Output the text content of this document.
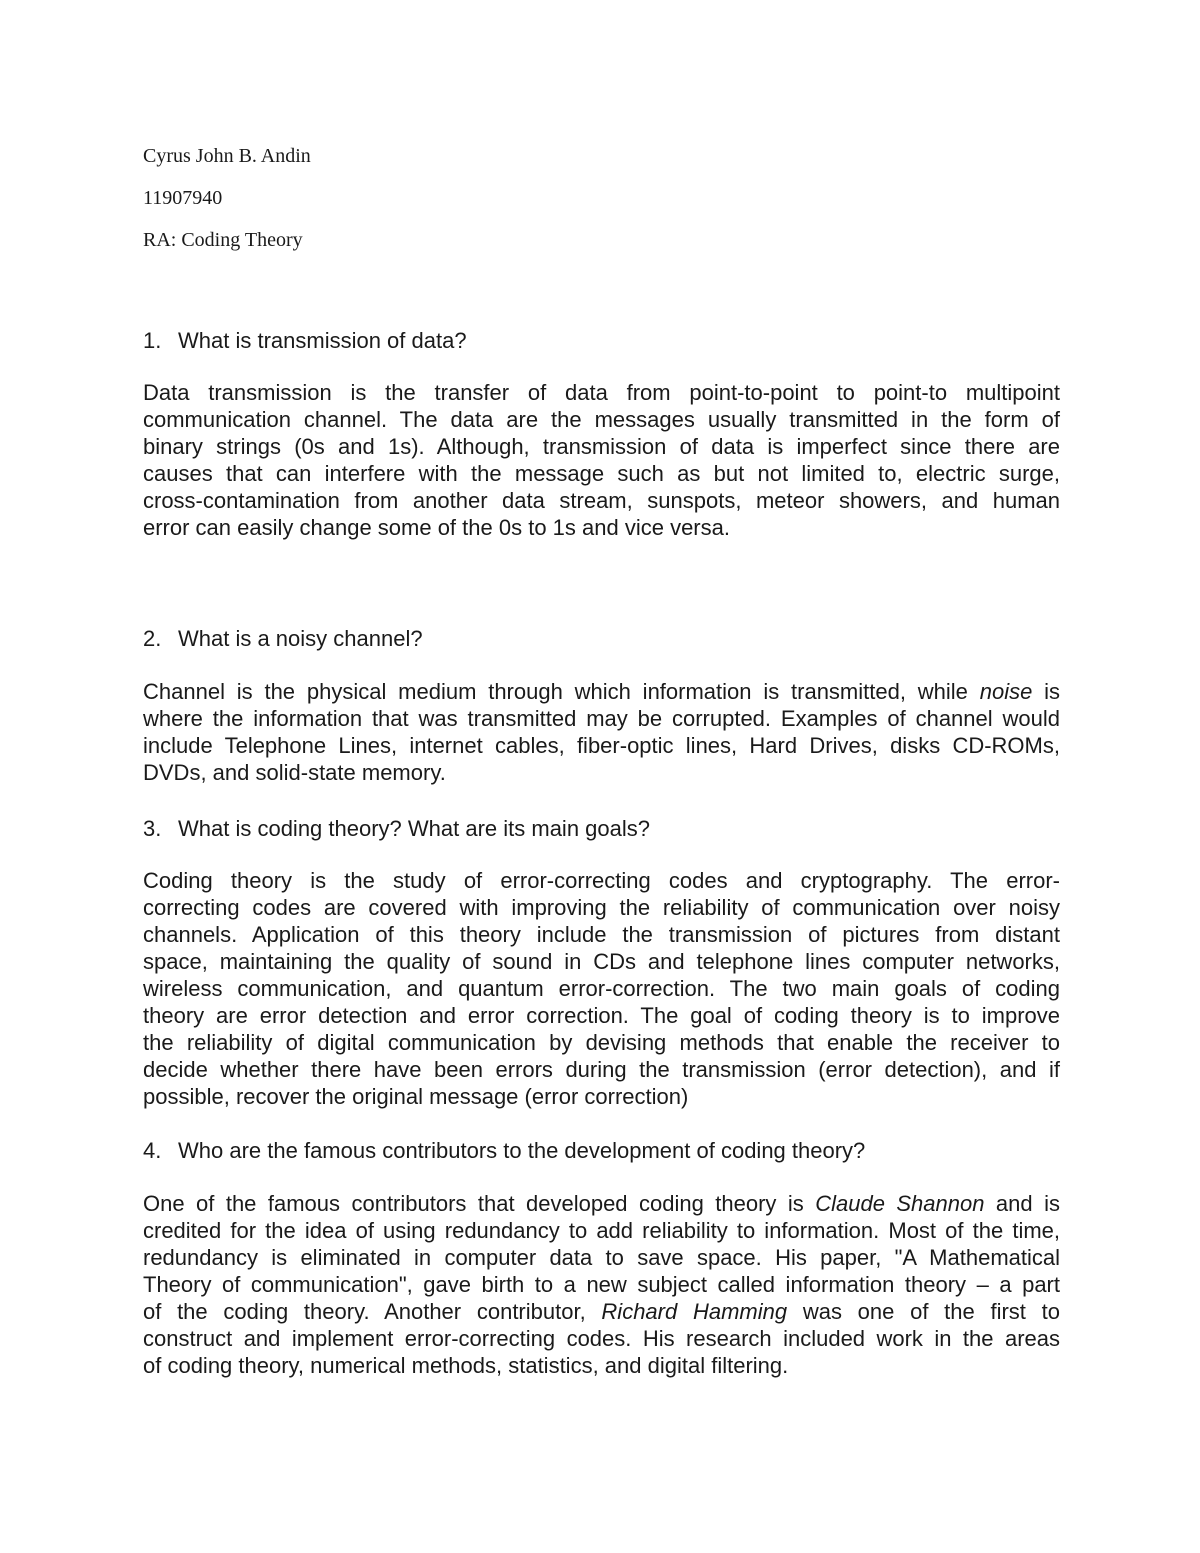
Cyrus John B. Andin
11907940
RA: Coding Theory
1. What is transmission of data?
Data transmission is the transfer of data from point-to-point to point-to multipoint
communication channel. The data are the messages usually transmitted in the form of
binary strings (0s and 1s). Although, transmission of data is imperfect since there are
causes that can interfere with the message such as but not limited to, electric surge,
cross-contamination from another data stream, sunspots, meteor showers, and human
error can easily change some of the 0s to 1s and vice versa.
2. What is a noisy channel?
Channel is the physical medium through which information is transmitted, while noise is
where the information that was transmitted may be corrupted. Examples of channel would
include Telephone Lines, internet cables, fiber-optic lines, Hard Drives, disks CD-ROMs,
DVDs, and solid-state memory.
3. What is coding theory? What are its main goals?
Coding theory is the study of error-correcting codes and cryptography. The error-
correcting codes are covered with improving the reliability of communication over noisy
channels. Application of this theory include the transmission of pictures from distant
space, maintaining the quality of sound in CDs and telephone lines computer networks,
wireless communication, and quantum error-correction. The two main goals of coding
theory are error detection and error correction. The goal of coding theory is to improve
the reliability of digital communication by devising methods that enable the receiver to
decide whether there have been errors during the transmission (error detection), and if
possible, recover the original message (error correction)
4. Who are the famous contributors to the development of coding theory?
One of the famous contributors that developed coding theory is Claude Shannon and is
credited for the idea of using redundancy to add reliability to information. Most of the time,
redundancy is eliminated in computer data to save space. His paper, "A Mathematical
Theory of communication", gave birth to a new subject called information theory – a part
of the coding theory. Another contributor, Richard Hamming was one of the first to
construct and implement error-correcting codes. His research included work in the areas
of coding theory, numerical methods, statistics, and digital filtering.
